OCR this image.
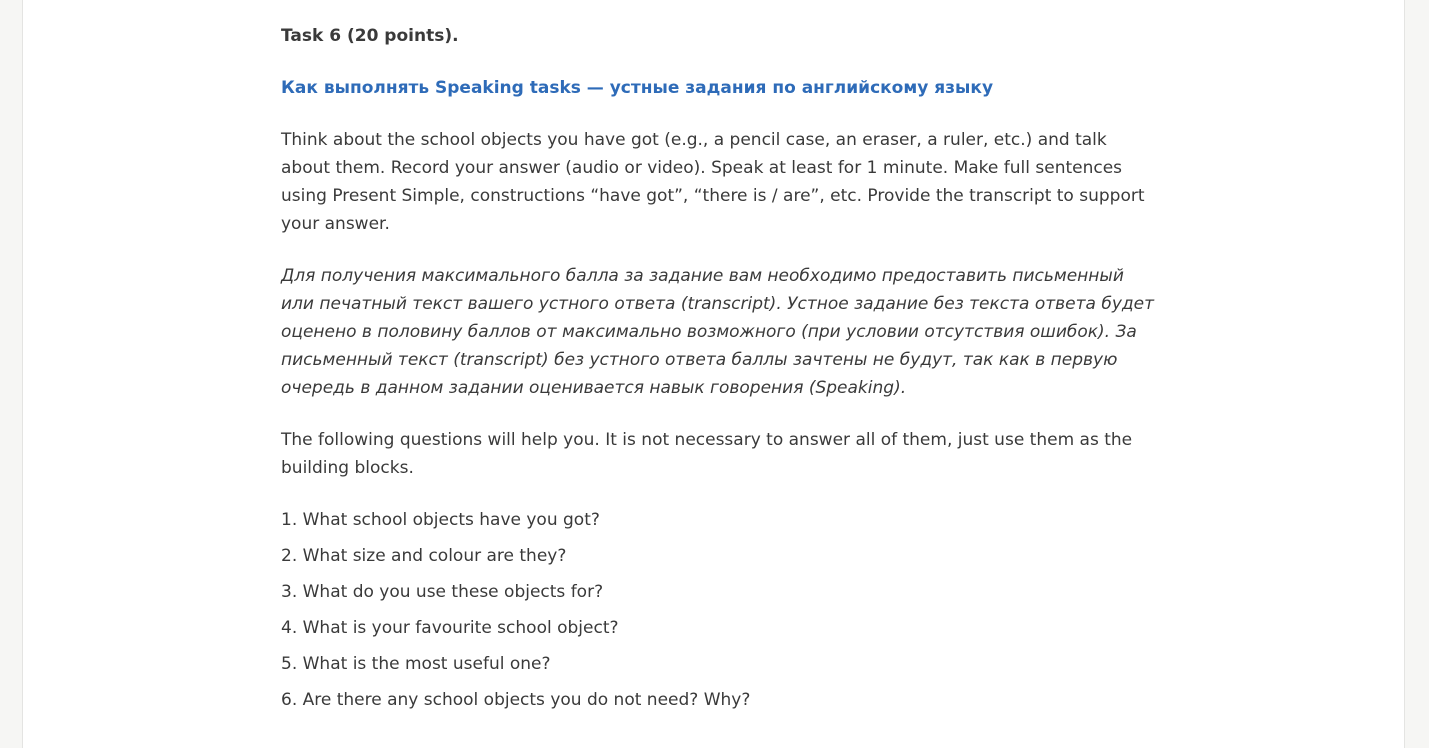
Task 6 (20 points).

Как выполнять Speaking tasks — устные задания по английскому языку

Think about the school objects you have got (e.g., a pencil case, an eraser, a ruler, etc.) and talk about them. Record your answer (audio or video). Speak at least for 1 minute. Make full sentences using Present Simple, constructions “have got”, “there is / are”, etc. Provide the transcript to support your answer.

Для получения максимального балла за задание вам необходимо предоставить письменный или печатный текст вашего устного ответа (transcript). Устное задание без текста ответа будет оценено в половину баллов от максимально возможного (при условии отсутствия ошибок). За письменный текст (transcript) без устного ответа баллы зачтены не будут, так как в первую очередь в данном задании оценивается навык говорения (Speaking).

The following questions will help you. It is not necessary to answer all of them, just use them as the building blocks.

1. What school objects have you got?
2. What size and colour are they?
3. What do you use these objects for?
4. What is your favourite school object?
5. What is the most useful one?
6. Are there any school objects you do not need? Why?
